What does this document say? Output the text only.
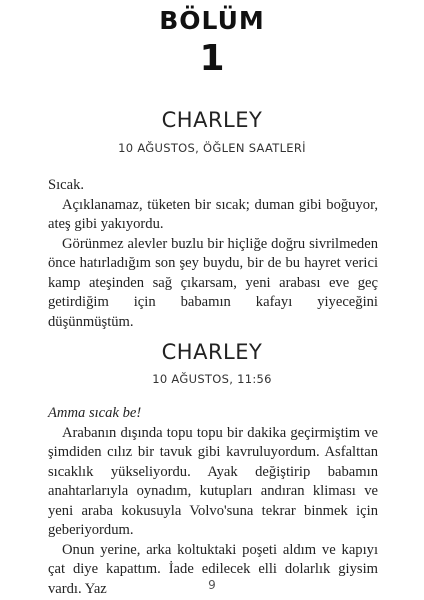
BÖLÜM
1
CHARLEY
10 AĞUSTOS, ÖĞLEN SAATLERİ

Sıcak.

Açıklanamaz, tüketen bir sıcak; duman gibi boğuyor, ateş gibi yakıyordu.

Görünmez alevler buzlu bir hiçliğe doğru sivrilmeden önce hatırladığım son şey buydu, bir de bu hayret verici kamp ateşinden sağ çıkarsam, yeni arabası eve geç getirdiğim için babamın kafayı yiyeceğini düşünmüştüm.

CHARLEY
10 AĞUSTOS, 11:56

Amma sıcak be!

Arabanın dışında topu topu bir dakika geçirmiştim ve şimdiden cılız bir tavuk gibi kavruluyordum. Asfalttan sıcaklık yükseliyordu. Ayak değiştirip babamın anahtarlarıyla oynadım, kutupları andıran kliması ve yeni araba kokusuyla Volvo'suna tekrar binmek için geberiyordum.

Onun yerine, arka koltuktaki poşeti aldım ve kapıyı çat diye kapattım. İade edilecek elli dolarlık giysim vardı. Yaz	9
